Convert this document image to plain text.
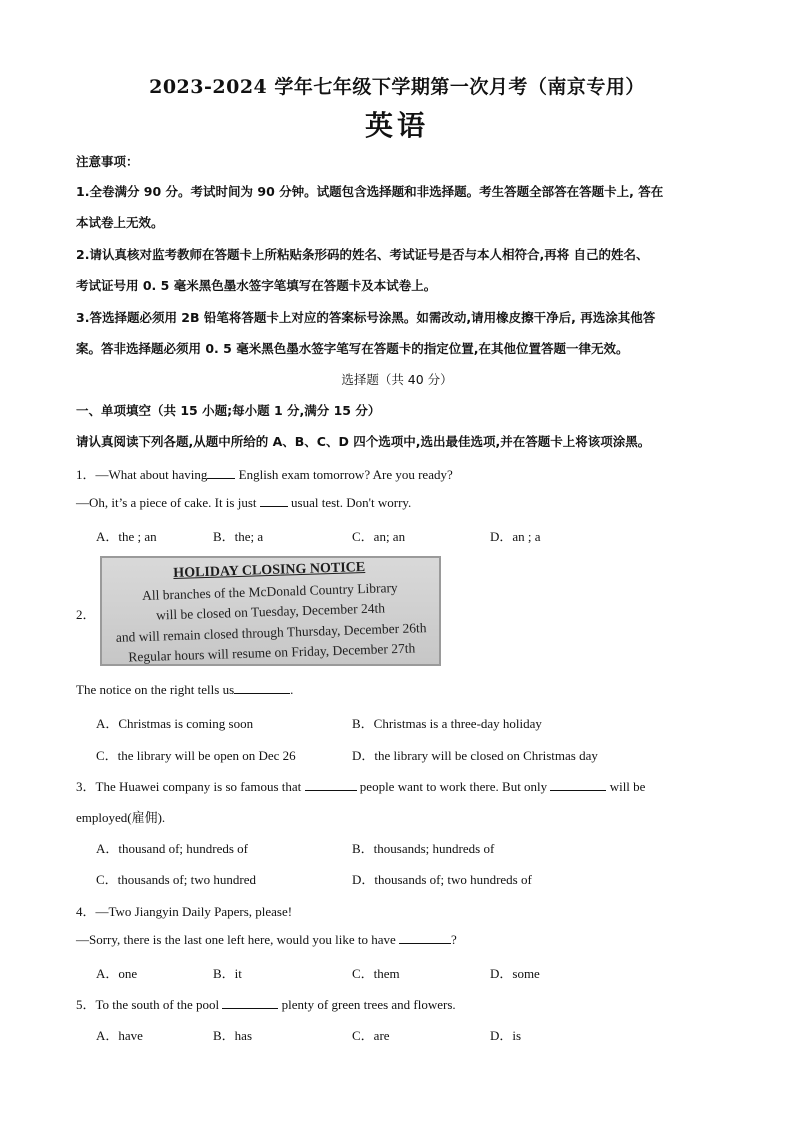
2023-2024 学年七年级下学期第一次月考（南京专用）
英语
注意事项：
1.全卷满分 90 分。考试时间为 90 分钟。试题包含选择题和非选择题。考生答题全部答在答题卡上, 答在
本试卷上无效。
2.请认真核对监考教师在答题卡上所粘贴条形码的姓名、考试证号是否与本人相符合,再将 自己的姓名、
考试证号用 0. 5 毫米黑色墨水签字笔填写在答题卡及本试卷上。
3.答选择题必须用 2B 铅笔将答题卡上对应的答案标号涂黑。如需改动,请用橡皮擦干净后, 再选涂其他答
案。答非选择题必须用 0. 5 毫米黑色墨水签字笔写在答题卡的指定位置,在其他位置答题一律无效。
选择题（共 40 分）
一、单项填空（共 15 小题;每小题 1 分,满分 15 分）
请认真阅读下列各题,从题中所给的 A、B、C、D 四个选项中,选出最佳选项,并在答题卡上将该项涂黑。
1．—What about having English exam tomorrow? Are you ready?
—Oh, it’s a piece of cake. It is just	usual test. Don't worry.
A．the ; an	B．the; a	C．an; an	D．an ; a
2．
HOLIDAY CLOSING NOTICE
All branches of the McDonald Country Library
will be closed on Tuesday, December 24th
and will remain closed through Thursday, December 26th
Regular hours will resume on Friday, December 27th
The notice on the right tells us	.
A．Christmas is coming soon	B．Christmas is a three-day holiday
C．the library will be open on Dec 26	D．the library will be closed on Christmas day
3．The Huawei company is so famous that	people want to work there. But only	will be
employed(雇佣).
A．thousand of; hundreds of	B．thousands; hundreds of
C．thousands of; two hundred	D．thousands of; two hundreds of
4．—Two Jiangyin Daily Papers, please!
—Sorry, there is the last one left here, would you like to have	?
A．one	B．it	C．them	D．some
5．To the south of the pool	plenty of green trees and flowers.
A．have	B．has	C．are	D．is
